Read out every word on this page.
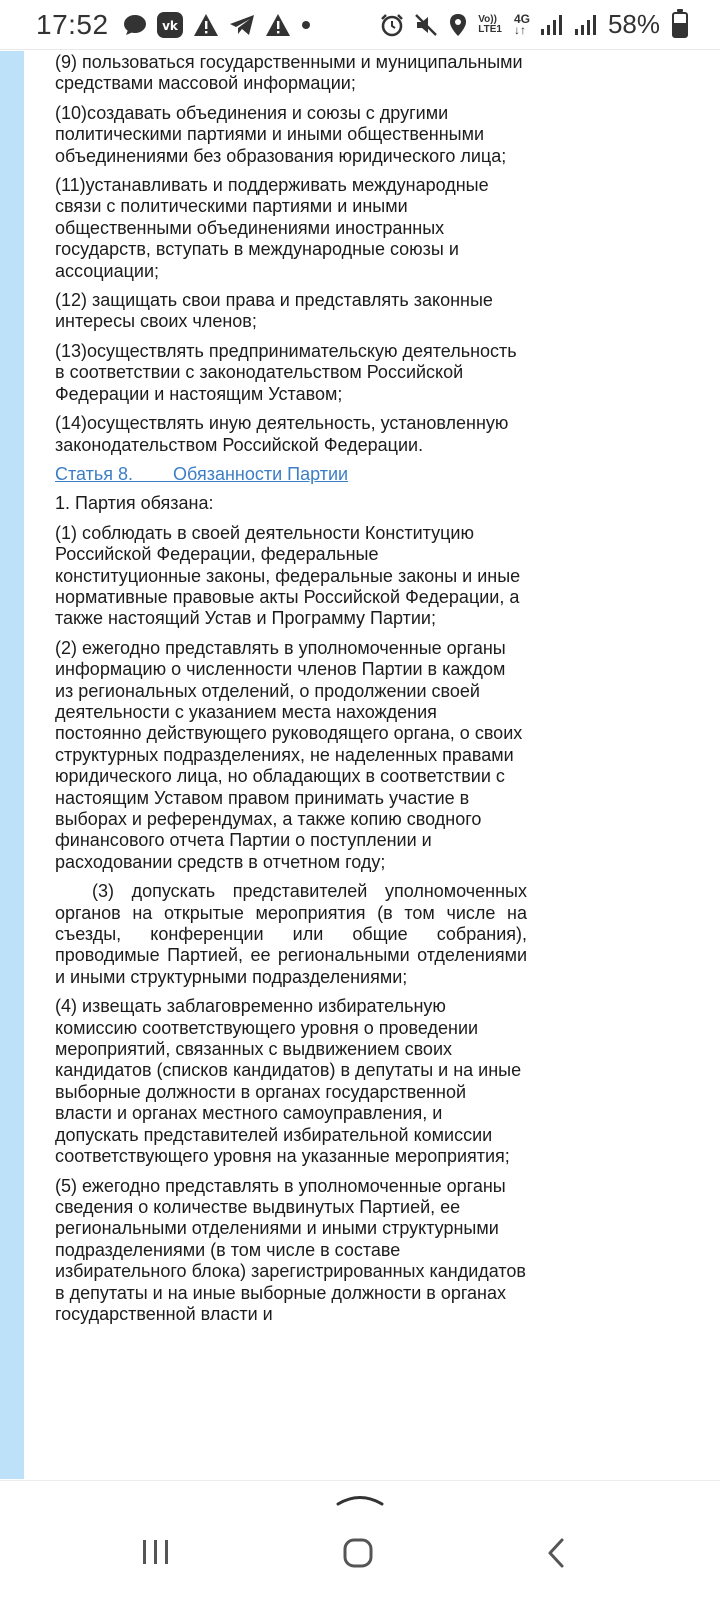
17:52	vk	Vo))
LTE1
4G
↓↑	58%

(9) пользоваться государственными и муниципальными средствами массовой информации;

(10)создавать объединения и союзы с другими политическими партиями и иными общественными объединениями без образования юридического лица;

(11)устанавливать и поддерживать международные связи с политическими партиями и иными общественными объединениями иностранных государств, вступать в международные союзы и ассоциации;

(12) защищать свои права и представлять законные интересы своих членов;

(13)осуществлять предпринимательскую деятельность в соответствии с законодательством Российской Федерации и настоящим Уставом;

(14)осуществлять иную деятельность, установленную законодательством Российской Федерации.

Статья 8.        Обязанности Партии

1. Партия обязана:

(1) соблюдать в своей деятельности Конституцию Российской Федерации, федеральные конституционные законы, федеральные законы и иные нормативные правовые акты Российской Федерации, а также настоящий Устав и Программу Партии;

(2) ежегодно представлять в уполномоченные органы информацию о численности членов Партии в каждом из региональных отделений, о продолжении своей деятельности с указанием места нахождения постоянно действующего руководящего органа, о своих структурных подразделениях, не наделенных правами юридического лица, но обладающих в соответствии с настоящим Уставом правом принимать участие в выборах и референдумах, а также копию сводного финансового отчета Партии о поступлении и расходовании средств в отчетном году;

(3) допускать представителей уполномоченных органов на открытые мероприятия (в том числе на съезды, конференции или общие собрания), проводимые Партией, ее региональными отделениями и иными структурными подразделениями;

(4) извещать заблаговременно избирательную комиссию соответствующего уровня о проведении мероприятий, связанных с выдвижением своих кандидатов (списков кандидатов) в депутаты и на иные выборные должности в органах государственной власти и органах местного самоуправления, и допускать представителей избирательной комиссии соответствующего уровня на указанные мероприятия;

(5) ежегодно представлять в уполномоченные органы сведения о количестве выдвинутых Партией, ее региональными отделениями и иными структурными подразделениями (в том числе в составе избирательного блока) зарегистрированных кандидатов в депутаты и на иные выборные должности в органах государственной власти и
